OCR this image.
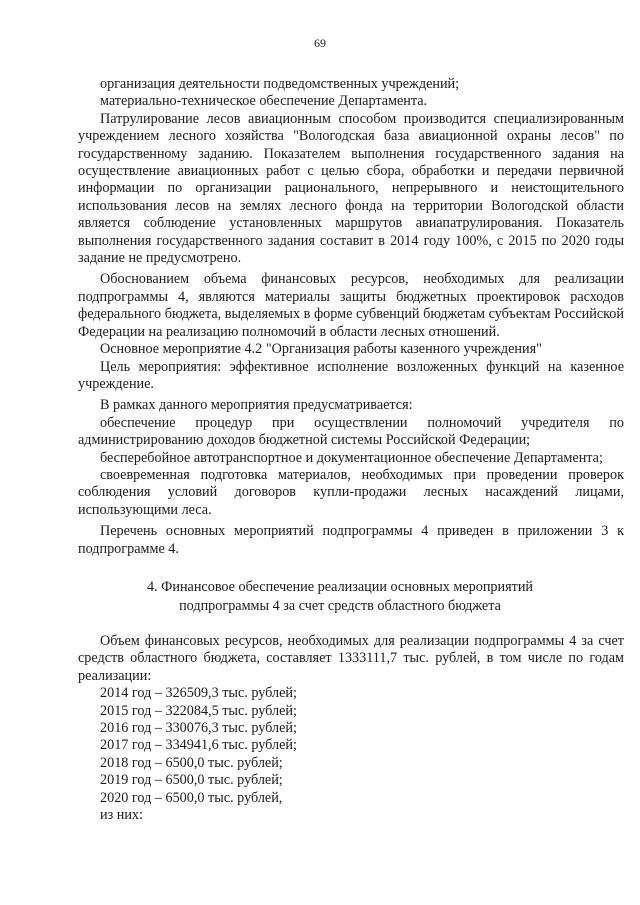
69

организация деятельности подведомственных учреждений;

материально-техническое обеспечение Департамента.

Патрулирование лесов авиационным способом производится специализированным учреждением лесного хозяйства "Вологодская база авиационной охраны лесов" по государственному заданию. Показателем выполнения государственного задания на осуществление авиационных работ с целью сбора, обработки и передачи первичной информации по организации рационального, непрерывного и неистощительного использования лесов на землях лесного фонда на территории Вологодской области является соблюдение установленных маршрутов авиапатрулирования. Показатель выполнения государственного задания составит в 2014 году 100%, с 2015 по 2020 годы задание не предусмотрено.

Обоснованием объема финансовых ресурсов, необходимых для реализации подпрограммы 4, являются материалы защиты бюджетных проектировок расходов федерального бюджета, выделяемых в форме субвенций бюджетам субъектам Российской Федерации на реализацию полномочий в области лесных отношений.

Основное мероприятие 4.2 "Организация работы казенного учреждения"

Цель мероприятия: эффективное исполнение возложенных функций на казенное учреждение.

В рамках данного мероприятия предусматривается:

обеспечение процедур при осуществлении полномочий учредителя по администрированию доходов бюджетной системы Российской Федерации;

бесперебойное автотранспортное и документационное обеспечение Департамента;

своевременная подготовка материалов, необходимых при проведении проверок соблюдения условий договоров купли-продажи лесных насаждений лицами, использующими леса.

Перечень основных мероприятий подпрограммы 4 приведен в приложении 3 к подпрограмме 4.

4. Финансовое обеспечение реализации основных мероприятий
подпрограммы 4 за счет средств областного бюджета

Объем финансовых ресурсов, необходимых для реализации подпрограммы 4 за счет средств областного бюджета, составляет 1333111,7 тыс. рублей, в том числе по годам реализации:

2014 год – 326509,3 тыс. рублей;
2015 год – 322084,5 тыс. рублей;
2016 год – 330076,3 тыс. рублей;
2017 год – 334941,6 тыс. рублей;
2018 год – 6500,0 тыс. рублей;
2019 год – 6500,0 тыс. рублей;
2020 год – 6500,0 тыс. рублей,
из них:
